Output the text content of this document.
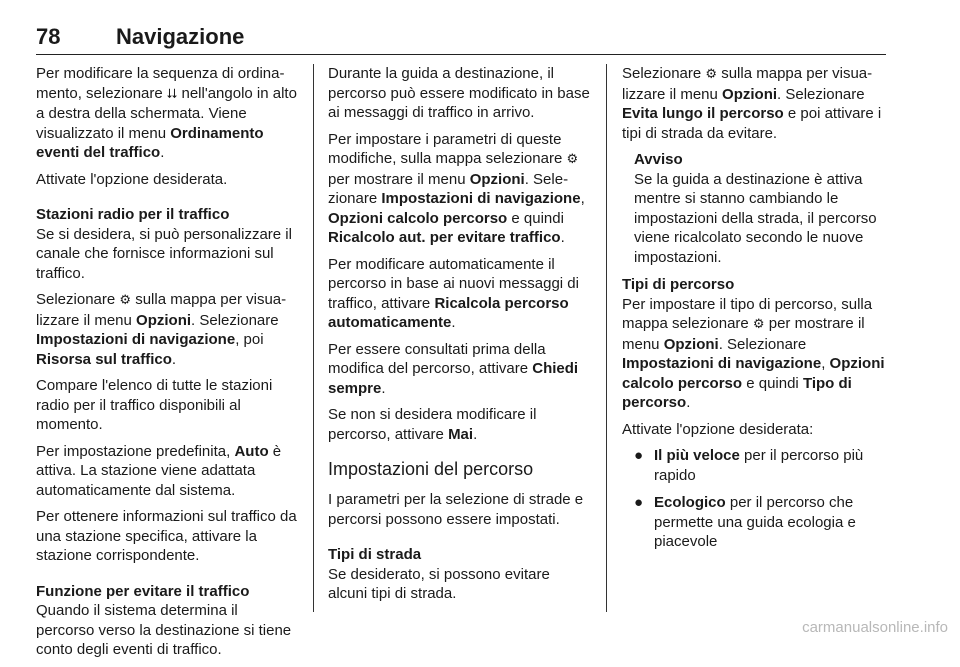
78	Navigazione

Per modificare la sequenza di ordina-mento, selezionare ⮇ nell'angolo in alto a destra della schermata. Viene visualizzato il menu Ordinamento eventi del traffico.

Attivate l'opzione desiderata.

Stazioni radio per il traffico
Se si desidera, si può personalizzare il canale che fornisce informazioni sul traffico.

Selezionare ⚙ sulla mappa per visua-lizzare il menu Opzioni. Selezionare Impostazioni di navigazione, poi Risorsa sul traffico.

Compare l'elenco di tutte le stazioni radio per il traffico disponibili al momento.

Per impostazione predefinita, Auto è attiva. La stazione viene adattata automaticamente dal sistema.

Per ottenere informazioni sul traffico da una stazione specifica, attivare la stazione corrispondente.

Funzione per evitare il traffico
Quando il sistema determina il percorso verso la destinazione si tiene conto degli eventi di traffico.

Durante la guida a destinazione, il percorso può essere modificato in base ai messaggi di traffico in arrivo.

Per impostare i parametri di queste modifiche, sulla mappa selezionare ⚙ per mostrare il menu Opzioni. Sele-zionare Impostazioni di navigazione, Opzioni calcolo percorso e quindi Ricalcolo aut. per evitare traffico.

Per modificare automaticamente il percorso in base ai nuovi messaggi di traffico, attivare Ricalcola percorso automaticamente.

Per essere consultati prima della modifica del percorso, attivare Chiedi sempre.

Se non si desidera modificare il percorso, attivare Mai.

Impostazioni del percorso

I parametri per la selezione di strade e percorsi possono essere impostati.

Tipi di strada
Se desiderato, si possono evitare alcuni tipi di strada.

Selezionare ⚙ sulla mappa per visua-lizzare il menu Opzioni. Selezionare Evita lungo il percorso e poi attivare i tipi di strada da evitare.

Avviso
Se la guida a destinazione è attiva mentre si stanno cambiando le impostazioni della strada, il percorso viene ricalcolato secondo le nuove impostazioni.

Tipi di percorso
Per impostare il tipo di percorso, sulla mappa selezionare ⚙ per mostrare il menu Opzioni. Selezionare Impostazioni di navigazione, Opzioni calcolo percorso e quindi Tipo di percorso.

Attivate l'opzione desiderata:

● Il più veloce per il percorso più rapido
● Ecologico per il percorso che permette una guida ecologia e piacevole
carmanualsonline.info
